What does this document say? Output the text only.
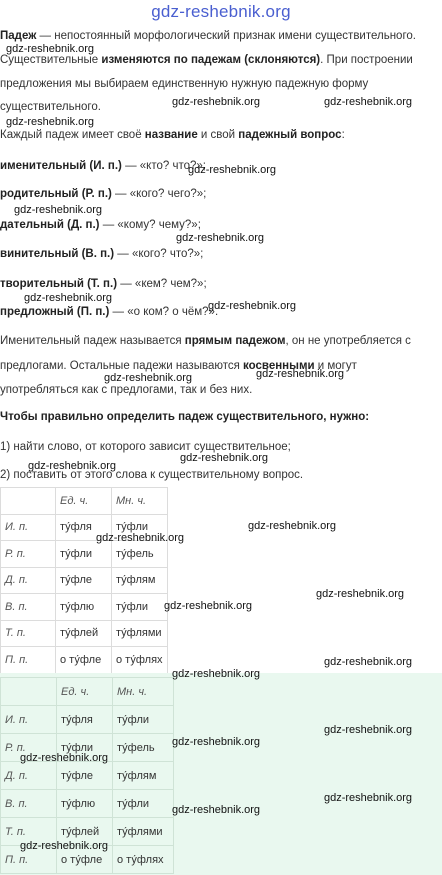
gdz-reshebnik.org
Падеж — непостоянный морфологический признак имени существительного.
Существительные изменяются по падежам (склоняются). При построении
предложения мы выбираем единственную нужную падежную форму
существительного.
Каждый падеж имеет своё название и свой падежный вопрос:
именительный (И. п.) — «кто? что?»;
родительный (Р. п.) — «кого? чего?»;
дательный (Д. п.) — «кому? чему?»;
винительный (В. п.) — «кого? что?»;
творительный (Т. п.) — «кем? чем?»;
предложный (П. п.) — «о ком? о чём?».
Именительный падеж называется прямым падежом, он не употребляется с
предлогами. Остальные падежи называются косвенными и могут
употребляться как с предлогами, так и без них.
Чтобы правильно определить падеж существительного, нужно:
1) найти слово, от которого зависит существительное;
2) поставить от этого слова к существительному вопрос.
	Ед. ч.	Мн. ч.
И. п.	ту́фля	ту́фли
Р. п.	ту́фли	ту́фель
Д. п.	ту́фле	ту́флям
В. п.	ту́флю	ту́фли
Т. п.	ту́флей	ту́флями
П. п.	о ту́фле	о ту́флях
	Ед. ч.	Мн. ч.
И. п.	ту́фля	ту́фли
Р. п.	ту́фли	ту́фель
Д. п.	ту́фле	ту́флям
В. п.	ту́флю	ту́фли
Т. п.	ту́флей	ту́флями
П. п.	о ту́фле	о ту́флях
gdz-reshebnik.org
gdz-reshebnik.org
gdz-reshebnik.org	gdz-reshebnik.org
gdz-reshebnik.org
gdz-reshebnik.org
gdz-reshebnik.org
gdz-reshebnik.org
gdz-reshebnik.org
gdz-reshebnik.org	gdz-reshebnik.org
gdz-reshebnik.org
gdz-reshebnik.org
gdz-reshebnik.org
gdz-reshebnik.org
gdz-reshebnik.org
gdz-reshebnik.org
gdz-reshebnik.org
gdz-reshebnik.org
gdz-reshebnik.org
gdz-reshebnik.org
gdz-reshebnik.org
gdz-reshebnik.org
gdz-reshebnik.org
gdz-reshebnik.org
